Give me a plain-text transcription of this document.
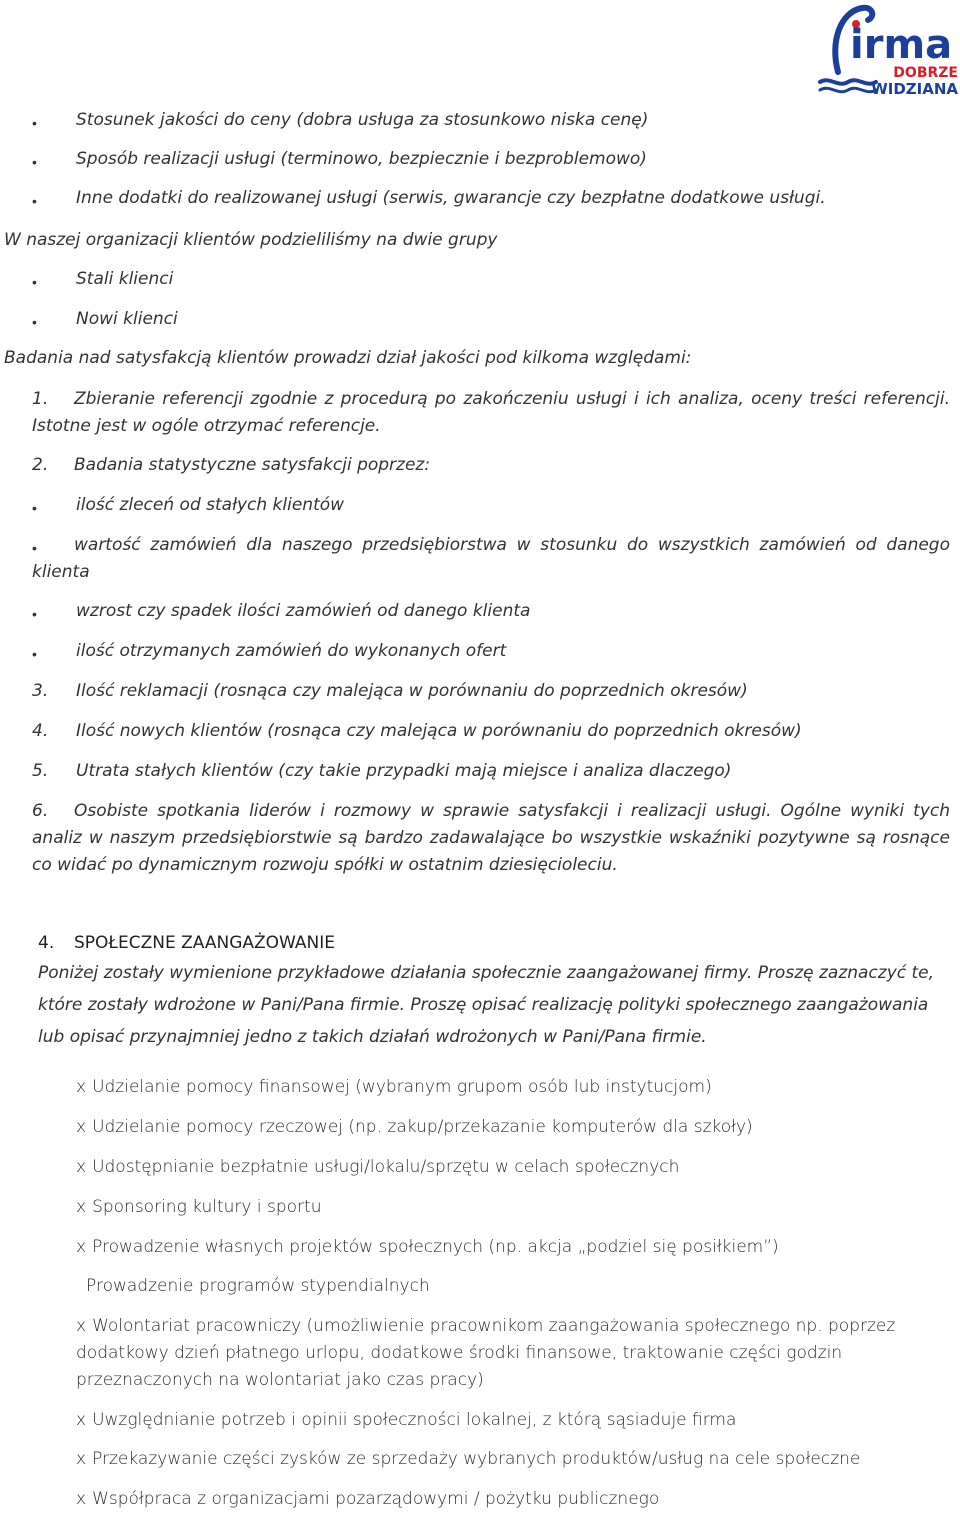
irma
DOBRZE
WIDZIANA
• Stosunek jakości do ceny (dobra usługa za stosunkowo niska cenę)

• Sposób realizacji usługi (terminowo, bezpiecznie i bezproblemowo)

• Inne dodatki do realizowanej usługi (serwis, gwarancje czy bezpłatne dodatkowe usługi.

W naszej organizacji klientów podzieliliśmy na dwie grupy

• Stali klienci

• Nowi klienci

Badania nad satysfakcją klientów prowadzi dział jakości pod kilkoma względami:

1. Zbieranie referencji zgodnie z procedurą po zakończeniu usługi i ich analiza, oceny treści referencji. Istotne jest w ogóle otrzymać referencje.
2. Badania statystyczne satysfakcji poprzez:
• ilość zleceń od stałych klientów

•	wartość zamówień dla naszego przedsiębiorstwa w stosunku do wszystkich zamówień od danego klienta
• wzrost czy spadek ilości zamówień od danego klienta

• ilość otrzymanych zamówień do wykonanych ofert

3. Ilość reklamacji (rosnąca czy malejąca w porównaniu do poprzednich okresów)

4. Ilość nowych klientów (rosnąca czy malejąca w porównaniu do poprzednich okresów)

5. Utrata stałych klientów (czy takie przypadki mają miejsce i analiza dlaczego)

6. Osobiste spotkania liderów i rozmowy w sprawie satysfakcji i realizacji usługi. Ogólne wyniki tych analiz w naszym przedsiębiorstwie są bardzo zadawalające bo wszystkie wskaźniki pozytywne są rosnące co widać po dynamicznym rozwoju spółki w ostatnim dziesięcioleciu.
4. SPOŁECZNE ZAANGAŻOWANIE

Poniżej zostały wymienione przykładowe działania społecznie zaangażowanej firmy. Proszę zaznaczyć te, które zostały wdrożone w Pani/Pana firmie. Proszę opisać realizację polityki społecznego zaangażowania lub opisać przynajmniej jedno z takich działań wdrożonych w Pani/Pana firmie.

x Udzielanie pomocy finansowej (wybranym grupom osób lub instytucjom)

x Udzielanie pomocy rzeczowej (np. zakup/przekazanie komputerów dla szkoły)

x Udostępnianie bezpłatnie usługi/lokalu/sprzętu w celach społecznych

x Sponsoring kultury i sportu

x Prowadzenie własnych projektów społecznych (np. akcja „podziel się posiłkiem”)

Prowadzenie programów stypendialnych

x Wolontariat pracowniczy (umożliwienie pracownikom zaangażowania społecznego np. poprzez dodatkowy dzień płatnego urlopu, dodatkowe środki finansowe, traktowanie części godzin przeznaczonych na wolontariat jako czas pracy)

x Uwzględnianie potrzeb i opinii społeczności lokalnej, z którą sąsiaduje firma

x Przekazywanie części zysków ze sprzedaży wybranych produktów/usług na cele społeczne

x Współpraca z organizacjami pozarządowymi / pożytku publicznego
